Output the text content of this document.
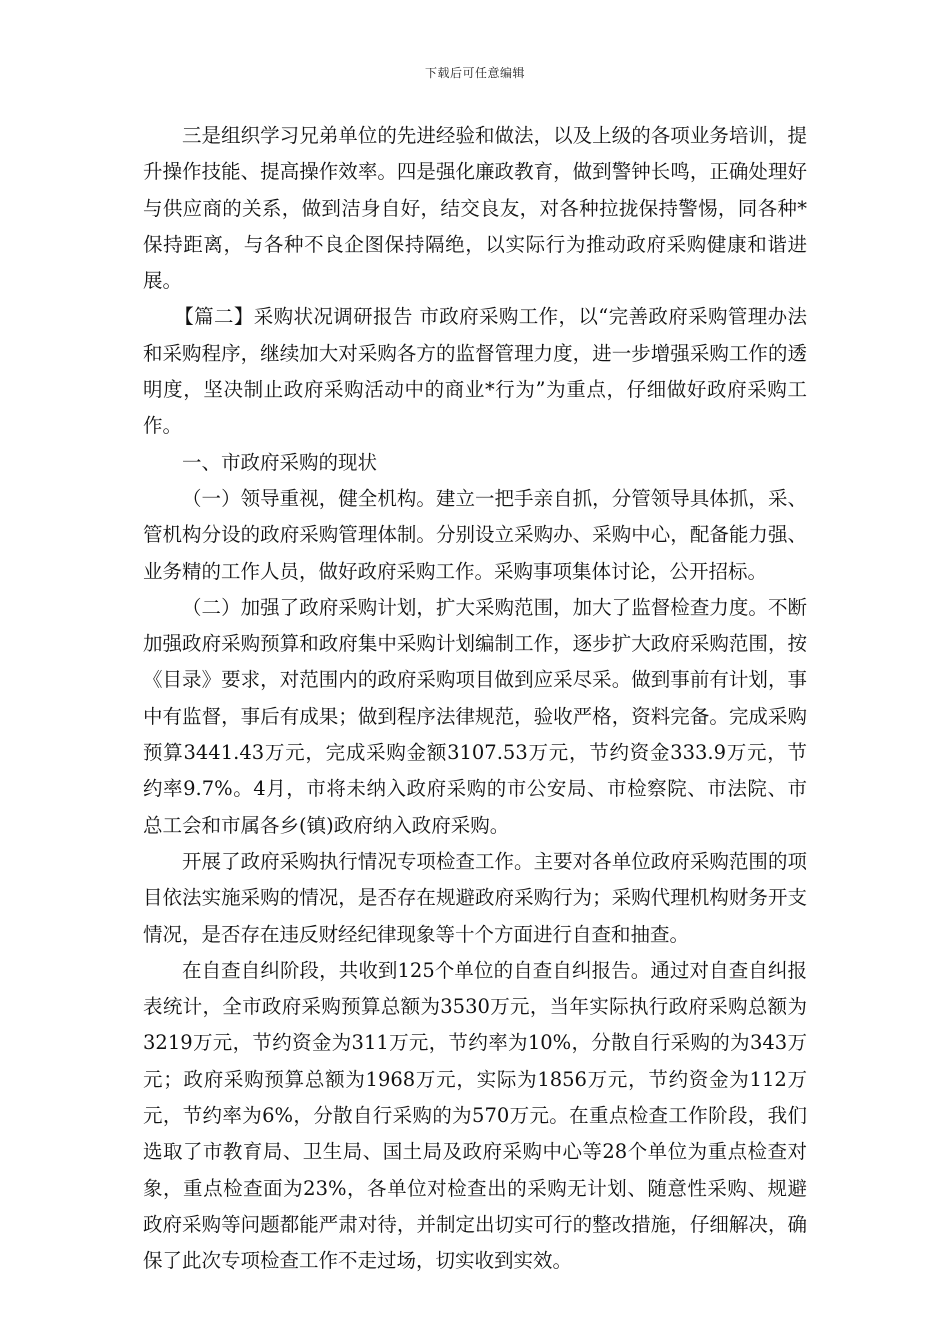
下载后可任意编辑

三是组织学习兄弟单位的先进经验和做法，以及上级的各项业务培训，提升操作技能、提高操作效率。四是强化廉政教育，做到警钟长鸣，正确处理好与供应商的关系，做到洁身自好，结交良友，对各种拉拢保持警惕，同各种*保持距离，与各种不良企图保持隔绝，以实际行为推动政府采购健康和谐进展。

【篇二】采购状况调研报告 市政府采购工作，以“完善政府采购管理办法和采购程序，继续加大对采购各方的监督管理力度，进一步增强采购工作的透明度，坚决制止政府采购活动中的商业*行为”为重点，仔细做好政府采购工作。

一、市政府采购的现状

（一）领导重视，健全机构。建立一把手亲自抓，分管领导具体抓，采、管机构分设的政府采购管理体制。分别设立采购办、采购中心，配备能力强、业务精的工作人员，做好政府采购工作。采购事项集体讨论，公开招标。

（二）加强了政府采购计划，扩大采购范围，加大了监督检查力度。不断加强政府采购预算和政府集中采购计划编制工作，逐步扩大政府采购范围，按《目录》要求，对范围内的政府采购项目做到应采尽采。做到事前有计划，事中有监督，事后有成果；做到程序法律规范，验收严格，资料完备。完成采购预算3441.43万元，完成采购金额3107.53万元，节约资金333.9万元，节约率9.7%。4月，市将未纳入政府采购的市公安局、市检察院、市法院、市总工会和市属各乡(镇)政府纳入政府采购。

开展了政府采购执行情况专项检查工作。主要对各单位政府采购范围的项目依法实施采购的情况，是否存在规避政府采购行为；采购代理机构财务开支情况，是否存在违反财经纪律现象等十个方面进行自查和抽查。

在自查自纠阶段，共收到125个单位的自查自纠报告。通过对自查自纠报表统计，全市政府采购预算总额为3530万元，当年实际执行政府采购总额为3219万元，节约资金为311万元，节约率为10%，分散自行采购的为343万元；政府采购预算总额为1968万元，实际为1856万元，节约资金为112万元，节约率为6%，分散自行采购的为570万元。在重点检查工作阶段，我们选取了市教育局、卫生局、国土局及政府采购中心等28个单位为重点检查对象，重点检查面为23%，各单位对检查出的采购无计划、随意性采购、规避政府采购等问题都能严肃对待，并制定出切实可行的整改措施，仔细解决，确保了此次专项检查工作不走过场，切实收到实效。
